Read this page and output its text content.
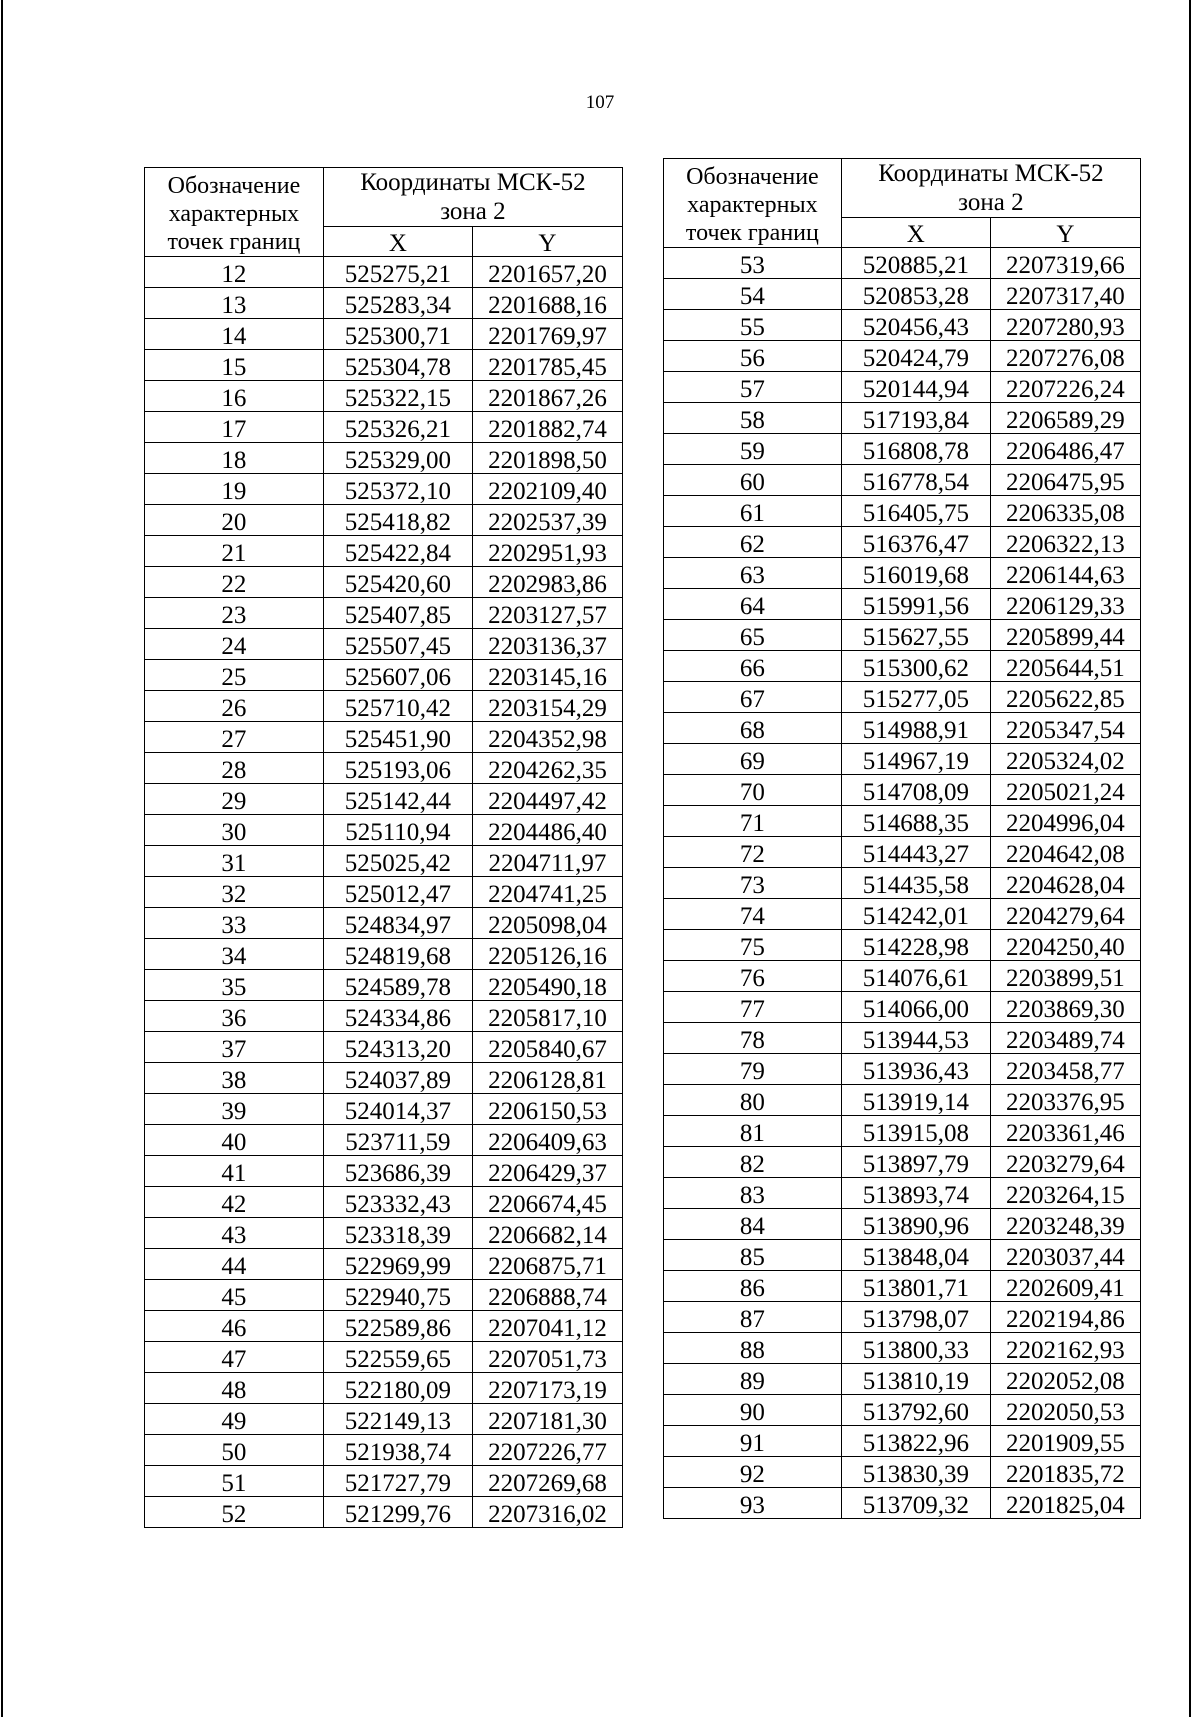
107
Обозначение характерных точек границ	Координаты МСК-52
зона 2	

	X	Y
12	525275,21	2201657,20
13	525283,34	2201688,16
14	525300,71	2201769,97
15	525304,78	2201785,45
16	525322,15	2201867,26
17	525326,21	2201882,74
18	525329,00	2201898,50
19	525372,10	2202109,40
20	525418,82	2202537,39
21	525422,84	2202951,93
22	525420,60	2202983,86
23	525407,85	2203127,57
24	525507,45	2203136,37
25	525607,06	2203145,16
26	525710,42	2203154,29
27	525451,90	2204352,98
28	525193,06	2204262,35
29	525142,44	2204497,42
30	525110,94	2204486,40
31	525025,42	2204711,97
32	525012,47	2204741,25
33	524834,97	2205098,04
34	524819,68	2205126,16
35	524589,78	2205490,18
36	524334,86	2205817,10
37	524313,20	2205840,67
38	524037,89	2206128,81
39	524014,37	2206150,53
40	523711,59	2206409,63
41	523686,39	2206429,37
42	523332,43	2206674,45
43	523318,39	2206682,14
44	522969,99	2206875,71
45	522940,75	2206888,74
46	522589,86	2207041,12
47	522559,65	2207051,73
48	522180,09	2207173,19
49	522149,13	2207181,30
50	521938,74	2207226,77
51	521727,79	2207269,68
52	521299,76	2207316,02
Обозначение характерных точек границ	Координаты МСК-52
зона 2	

	X	Y
53	520885,21	2207319,66
54	520853,28	2207317,40
55	520456,43	2207280,93
56	520424,79	2207276,08
57	520144,94	2207226,24
58	517193,84	2206589,29
59	516808,78	2206486,47
60	516778,54	2206475,95
61	516405,75	2206335,08
62	516376,47	2206322,13
63	516019,68	2206144,63
64	515991,56	2206129,33
65	515627,55	2205899,44
66	515300,62	2205644,51
67	515277,05	2205622,85
68	514988,91	2205347,54
69	514967,19	2205324,02
70	514708,09	2205021,24
71	514688,35	2204996,04
72	514443,27	2204642,08
73	514435,58	2204628,04
74	514242,01	2204279,64
75	514228,98	2204250,40
76	514076,61	2203899,51
77	514066,00	2203869,30
78	513944,53	2203489,74
79	513936,43	2203458,77
80	513919,14	2203376,95
81	513915,08	2203361,46
82	513897,79	2203279,64
83	513893,74	2203264,15
84	513890,96	2203248,39
85	513848,04	2203037,44
86	513801,71	2202609,41
87	513798,07	2202194,86
88	513800,33	2202162,93
89	513810,19	2202052,08
90	513792,60	2202050,53
91	513822,96	2201909,55
92	513830,39	2201835,72
93	513709,32	2201825,04
